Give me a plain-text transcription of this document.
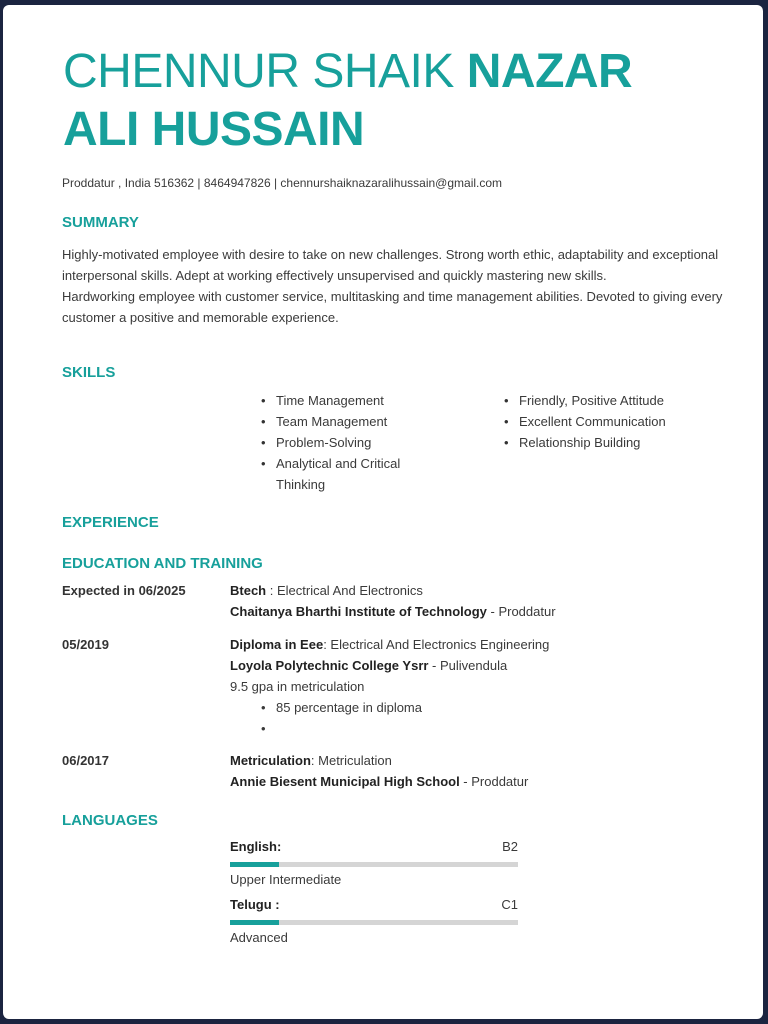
CHENNUR SHAIK NAZAR
ALI HUSSAIN
Proddatur , India 516362 | 8464947826 | chennurshaiknazaralihussain@gmail.com
SUMMARY

Highly-motivated employee with desire to take on new challenges. Strong worth ethic, adaptability and exceptional interpersonal skills. Adept at working effectively unsupervised and quickly mastering new skills.

Hardworking employee with customer service, multitasking and time management abilities. Devoted to giving every customer a positive and memorable experience.

SKILLS
• Time Management
• Team Management
• Problem-Solving
• Analytical and Critical Thinking
• Friendly, Positive Attitude
• Excellent Communication
• Relationship Building
EXPERIENCE
EDUCATION AND TRAINING
Expected in 06/2025	Btech : Electrical And Electronics
Chaitanya Bharthi Institute of Technology - Proddatur
05/2019	Diploma in Eee: Electrical And Electronics Engineering
Loyola Polytechnic College Ysrr - Pulivendula
9.5 gpa in metriculation
• 85 percentage in diploma
•
06/2017	Metriculation: Metriculation
Annie Biesent Municipal High School - Proddatur
LANGUAGES
English:	B2
Upper Intermediate
Telugu :	C1
Advanced
